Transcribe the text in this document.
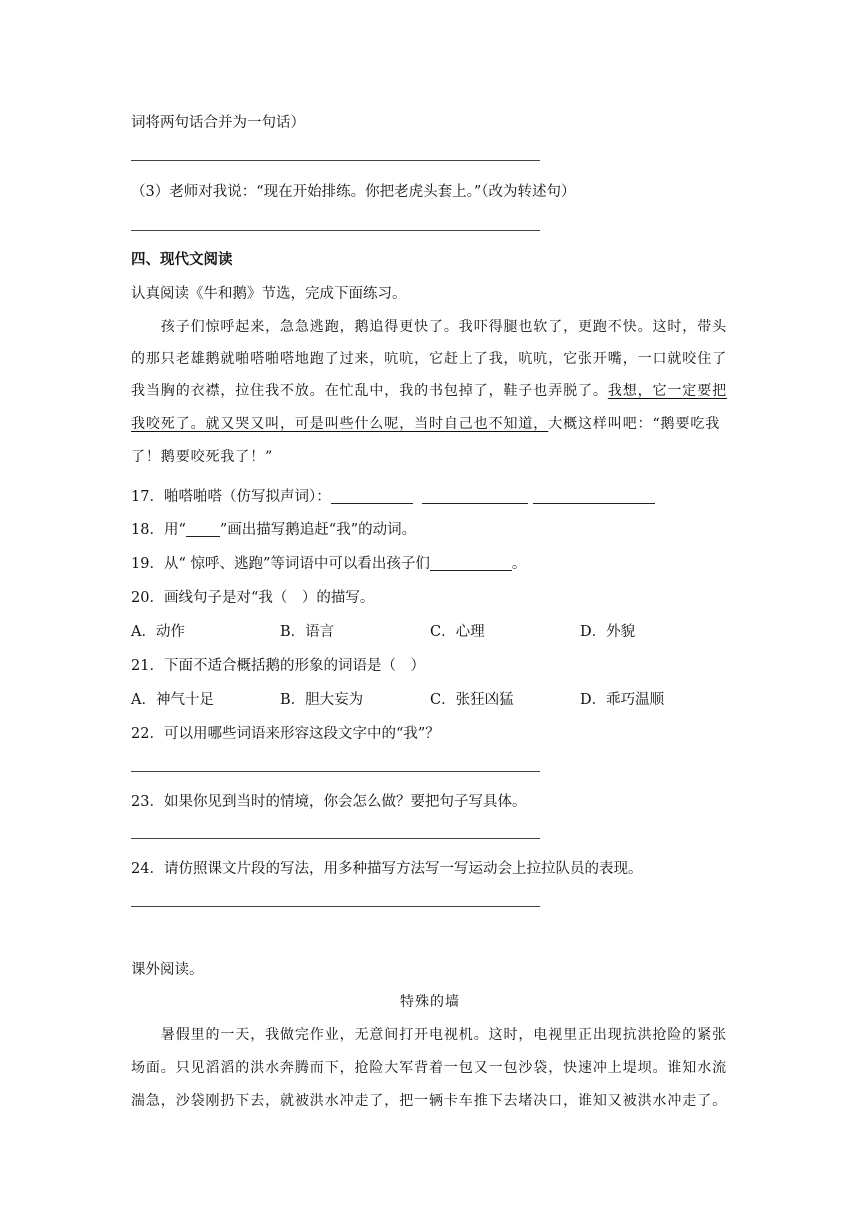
词将两句话合并为一句话）
（3）老师对我说：“现在开始排练。你把老虎头套上。”（改为转述句）
四、现代文阅读
认真阅读《牛和鹅》节选，完成下面练习。
　　孩子们惊呼起来，急急逃跑，鹅追得更快了。我吓得腿也软了，更跑不快。这时，带头
的那只老雄鹅就啪嗒啪嗒地跑了过来，吭吭，它赶上了我，吭吭，它张开嘴，一口就咬住了
我当胸的衣襟，拉住我不放。在忙乱中，我的书包掉了，鞋子也弄脱了。我想，它一定要把
我咬死了。就又哭又叫，可是叫些什么呢，当时自己也不知道，大概这样叫吧：“鹅要吃我
了！鹅要咬死我了！”
17．啪嗒啪嗒（仿写拟声词）：
18．用“ ”画出描写鹅追赶“我”的动词。
19．从“ 惊呼、逃跑”等词语中可以看出孩子们	。
20．画线句子是对“我（　）的描写。
A．动作	B．语言	C．心理	D．外貌
21．下面不适合概括鹅的形象的词语是（　）
A．神气十足	B．胆大妄为	C．张狂凶猛	D．乖巧温顺
22．可以用哪些词语来形容这段文字中的“我”？
23．如果你见到当时的情境，你会怎么做？要把句子写具体。
24．请仿照课文片段的写法，用多种描写方法写一写运动会上拉拉队员的表现。
课外阅读。
特殊的墙
　　暑假里的一天，我做完作业，无意间打开电视机。这时，电视里正出现抗洪抢险的紧张
场面。只见滔滔的洪水奔腾而下，抢险大军背着一包又一包沙袋，快速冲上堤坝。谁知水流
湍急，沙袋刚扔下去，就被洪水冲走了，把一辆卡车推下去堵决口，谁知又被洪水冲走了。
